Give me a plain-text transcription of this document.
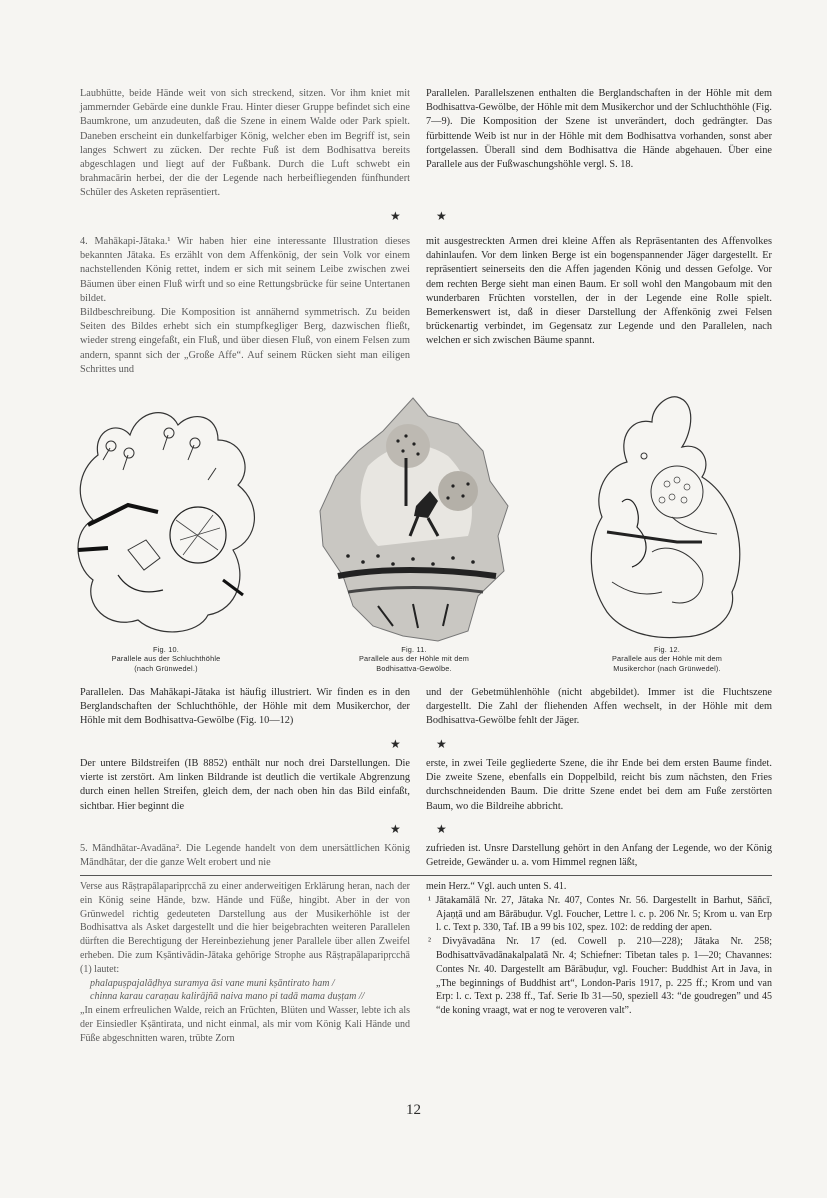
Laubhütte, beide Hände weit von sich streckend, sitzen. Vor ihm kniet mit jammernder Gebärde eine dunkle Frau. Hinter dieser Gruppe befindet sich eine Baumkrone, um anzudeuten, daß die Szene in einem Walde oder Park spielt. Daneben erscheint ein dunkelfarbiger König, welcher eben im Begriff ist, sein langes Schwert zu zücken. Der rechte Fuß ist dem Bodhisattva bereits abgeschlagen und liegt auf der Fußbank. Durch die Luft schwebt ein brahmacārin herbei, der die der Legende nach herbeifliegenden fünfhundert Schüler des Asketen repräsentiert.

Parallelen. Parallelszenen enthalten die Berglandschaften in der Höhle mit dem Bodhisattva-Gewölbe, der Höhle mit dem Musikerchor und der Schluchthöhle (Fig. 7—9). Die Komposition der Szene ist unverändert, doch gedrängter. Das fürbittende Weib ist nur in der Höhle mit dem Bodhisattva vorhanden, sonst aber fortgelassen. Überall sind dem Bodhisattva die Hände abgehauen. Über eine Parallele aus der Fußwaschungshöhle vergl. S. 18.

★	★

4. Mahākapi-Jātaka.¹ Wir haben hier eine interessante Illustration dieses bekannten Jātaka. Es erzählt von dem Affenkönig, der sein Volk vor einem nachstellenden König rettet, indem er sich mit seinem Leibe zwischen zwei Bäumen über einen Fluß wirft und so eine Rettungsbrücke für seine Untertanen bildet.

Bildbeschreibung. Die Komposition ist annähernd symmetrisch. Zu beiden Seiten des Bildes erhebt sich ein stumpfkegliger Berg, dazwischen fließt, wieder streng eingefaßt, ein Fluß, und über diesen Fluß, von einem Felsen zum andern, spannt sich der „Große Affe“. Auf seinem Rücken sieht man eiligen Schrittes und

mit ausgestreckten Armen drei kleine Affen als Repräsentanten des Affenvolkes dahinlaufen. Vor dem linken Berge ist ein bogenspannender Jäger dargestellt. Er repräsentiert seinerseits den die Affen jagenden König und dessen Gefolge. Vor dem rechten Berge sieht man einen Baum. Er soll wohl den Mangobaum mit den wunderbaren Früchten vorstellen, der in der Legende eine Rolle spielt. Bemerkenswert ist, daß in dieser Darstellung der Affenkönig zwei Felsen brückenartig verbindet, im Gegensatz zur Legende und den Parallelen, nach welchen er sich zwischen Bäume spannt.

Fig. 10.
Parallele aus der Schluchthöhle
(nach Grünwedel.)
Fig. 11.
Parallele aus der Höhle mit dem
Bodhisattva-Gewölbe.
Fig. 12.
Parallele aus der Höhle mit dem
Musikerchor (nach Grünwedel).

Parallelen. Das Mahākapi-Jātaka ist häufig illustriert. Wir finden es in den Berglandschaften der Schluchthöhle, der Höhle mit dem Musikerchor, der Höhle mit dem Bodhisattva-Gewölbe (Fig. 10—12)

und der Gebetmühlenhöhle (nicht abgebildet). Immer ist die Fluchtszene dargestellt. Die Zahl der fliehenden Affen wechselt, in der Höhle mit dem Bodhisattva-Gewölbe fehlt der Jäger.

★	★

Der untere Bildstreifen (IB 8852) enthält nur noch drei Darstellungen. Die vierte ist zerstört. Am linken Bildrande ist deutlich die vertikale Abgrenzung durch einen hellen Streifen, gleich dem, der nach oben hin das Bild einfaßt, sichtbar. Hier beginnt die

erste, in zwei Teile gegliederte Szene, die ihr Ende bei dem ersten Baume findet. Die zweite Szene, ebenfalls ein Doppelbild, reicht bis zum nächsten, den Fries durchschneidenden Baum. Die dritte Szene endet bei dem am Fuße zerstörten Baum, wo die Bildreihe abbricht.

★	★

5. Māndhātar-Avadāna². Die Legende handelt von dem unersättlichen König Māndhātar, der die ganze Welt erobert und nie

zufrieden ist. Unsre Darstellung gehört in den Anfang der Legende, wo der König Getreide, Gewänder u. a. vom Himmel regnen läßt,

Verse aus Rāṣṭrapālaparipṛcchā zu einer anderweitigen Erklärung heran, nach der ein König seine Hände, bzw. Hände und Füße, hingibt. Aber in der von Grünwedel richtig gedeuteten Darstellung aus der Musikerhöhle ist der Bodhisattva als Asket dargestellt und die hier beigebrachten weiteren Parallelen dürften die Berechtigung der Hereinbeziehung jener Parallele über allen Zweifel erheben. Die zum Kṣāntivādin-Jātaka gehörige Strophe aus Rāṣṭrapālaparipṛcchā (1) lautet:

phalapuṣpajalāḍhya suramya āsi vane muni kṣāntirato ham /

chinna karau caraṇau kalirājñā naiva mano pi tadā mama duṣṭam //

„In einem erfreulichen Walde, reich an Früchten, Blüten und Wasser, lebte ich als der Einsiedler Kṣāntirata, und nicht einmal, als mir vom König Kali Hände und Füße abgeschnitten waren, trübte Zorn

mein Herz.“ Vgl. auch unten S. 41.

¹ Jātakamālā Nr. 27, Jātaka Nr. 407, Contes Nr. 56. Dargestellt in Barhut, Sāñcī, Ajaṇṭā und am Bārābuḍur. Vgl. Foucher, Lettre l. c. p. 206 Nr. 5; Krom u. van Erp l. c. Text p. 330, Taf. IB a 99 bis 102, spez. 102: de redding der apen.

² Divyāvadāna Nr. 17 (ed. Cowell p. 210—228); Jātaka Nr. 258; Bodhisattvāvadānakalpalatā Nr. 4; Schiefner: Tibetan tales p. 1—20; Chavannes: Contes Nr. 40. Dargestellt am Bārābuḍur, vgl. Foucher: Buddhist Art in Java, in „The beginnings of Buddhist art“, London-Paris 1917, p. 225 ff.; Krom und van Erp: l. c. Text p. 238 ff., Taf. Serie Ib 31—50, speziell 43: “de goudregen” und 45 “de koning vraagt, wat er nog te veroveren valt”.

12
